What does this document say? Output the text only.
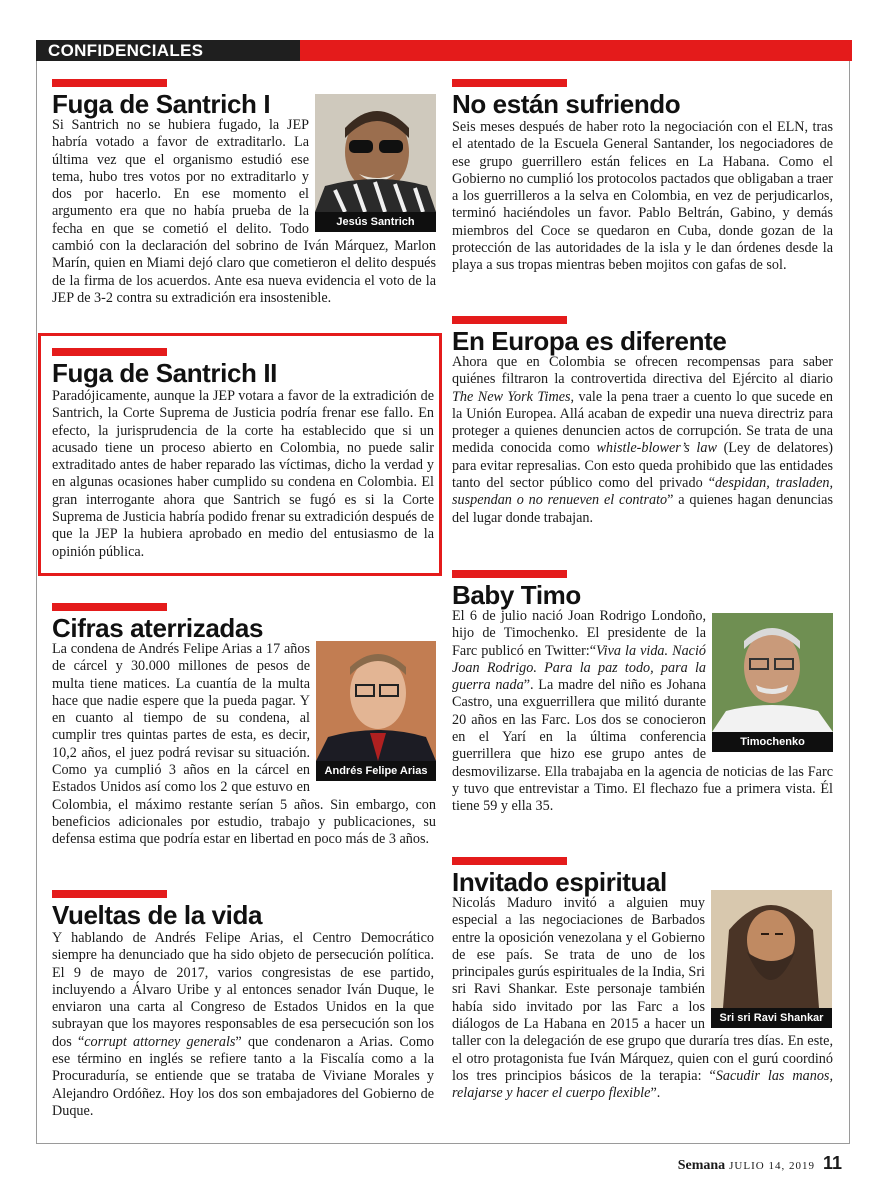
CONFIDENCIALES
Fuga de Santrich I
Jesús Santrich

Si Santrich no se hubiera fugado, la JEP habría votado a favor de extraditarlo. La última vez que el organismo estudió ese tema, hubo tres votos por no extraditarlo y dos por hacerlo. En ese momento el argumento era que no había prueba de la fecha en que se cometió el delito. Todo cambió con la declaración del sobrino de Iván Márquez, Marlon Marín, quien en Miami dejó claro que cometieron el delito después de la firma de los acuerdos. Ante esa nueva evidencia el voto de la JEP de 3-2 contra su extradición era insostenible.

Fuga de Santrich II

Paradójicamente, aunque la JEP votara a favor de la extradición de Santrich, la Corte Suprema de Justicia podría frenar ese fallo. En efecto, la jurisprudencia de la corte ha establecido que si un acusado tiene un proceso abierto en Colombia, no puede salir extraditado antes de haber reparado las víctimas, dicho la verdad y en algunas ocasiones haber cumplido su condena en Colombia. El gran interrogante ahora que Santrich se fugó es si la Corte Suprema de Justicia habría podido frenar su extradición después de que la JEP la hubiera aprobado en medio del entusiasmo de la opinión pública.

Cifras aterrizadas
Andrés Felipe Arias

La condena de Andrés Felipe Arias a 17 años de cárcel y 30.000 millones de pesos de multa tiene matices. La cuantía de la multa hace que nadie espere que la pueda pagar. Y en cuanto al tiempo de su condena, al cumplir tres quintas partes de esta, es decir, 10,2 años, el juez podrá revisar su situación. Como ya cumplió 3 años en la cárcel en Estados Unidos así como los 2 que estuvo en Colombia, el máximo restante serían 5 años. Sin embargo, con beneficios adicionales por estudio, trabajo y publicaciones, su defensa estima que podría estar en libertad en poco más de 3 años.

Vueltas de la vida

Y hablando de Andrés Felipe Arias, el Centro Democrático siempre ha denunciado que ha sido objeto de persecución política. El 9 de mayo de 2017, varios congresistas de ese partido, incluyendo a Álvaro Uribe y al entonces senador Iván Duque, le enviaron una carta al Congreso de Estados Unidos en la que subrayan que los mayores responsables de esa persecución son los dos “corrupt attorney generals” que condenaron a Arias. Como ese término en inglés se refiere tanto a la Fiscalía como a la Procuraduría, se entiende que se trataba de Viviane Morales y Alejandro Ordóñez. Hoy los dos son embajadores del Gobierno de Duque.

No están sufriendo

Seis meses después de haber roto la negociación con el ELN, tras el atentado de la Escuela General Santander, los negociadores de ese grupo guerrillero están felices en La Habana. Como el Gobierno no cumplió los protocolos pactados que obligaban a traer a los guerrilleros a la selva en Colombia, en vez de perjudicarlos, terminó haciéndoles un favor. Pablo Beltrán, Gabino, y demás miembros del Coce se quedaron en Cuba, donde gozan de la protección de las autoridades de la isla y le dan órdenes desde la playa a sus tropas mientras beben mojitos con gafas de sol.

En Europa es diferente

Ahora que en Colombia se ofrecen recompensas para saber quiénes filtraron la controvertida directiva del Ejército al diario The New York Times, vale la pena traer a cuento lo que sucede en la Unión Europea. Allá acaban de expedir una nueva directriz para proteger a quienes denuncien actos de corrupción. Se trata de una medida conocida como whistle-blower’s law (Ley de delatores) para evitar represalias. Con esto queda prohibido que las entidades tanto del sector público como del privado “despidan, trasladen, suspendan o no renueven el contrato” a quienes hagan denuncias del lugar donde trabajan.

Baby Timo
Timochenko

El 6 de julio nació Joan Rodrigo Londoño, hijo de Timochenko. El presidente de la Farc publicó en Twitter:“Viva la vida. Nació Joan Rodrigo. Para la paz todo, para la guerra nada”. La madre del niño es Johana Castro, una exguerrillera que militó durante 20 años en las Farc. Los dos se conocieron en el Yarí en la última conferencia guerrillera que hizo ese grupo antes de desmovilizarse. Ella trabajaba en la agencia de noticias de las Farc y tuvo que entrevistar a Timo. El flechazo fue a primera vista. Él tiene 59 y ella 35.

Invitado espiritual
Sri sri Ravi Shankar

Nicolás Maduro invitó a alguien muy especial a las negociaciones de Barbados entre la oposición venezolana y el Gobierno de ese país. Se trata de uno de los principales gurús espirituales de la India, Sri sri Ravi Shankar. Este personaje también había sido invitado por las Farc a los diálogos de La Habana en 2015 a hacer un taller con la delegación de ese grupo que duraría tres días. En este, el otro protagonista fue Iván Márquez, quien con el gurú coordinó los tres principios básicos de la terapia: “Sacudir las manos, relajarse y hacer el cuerpo flexible”.

Semana JULIO 14, 2019 11
